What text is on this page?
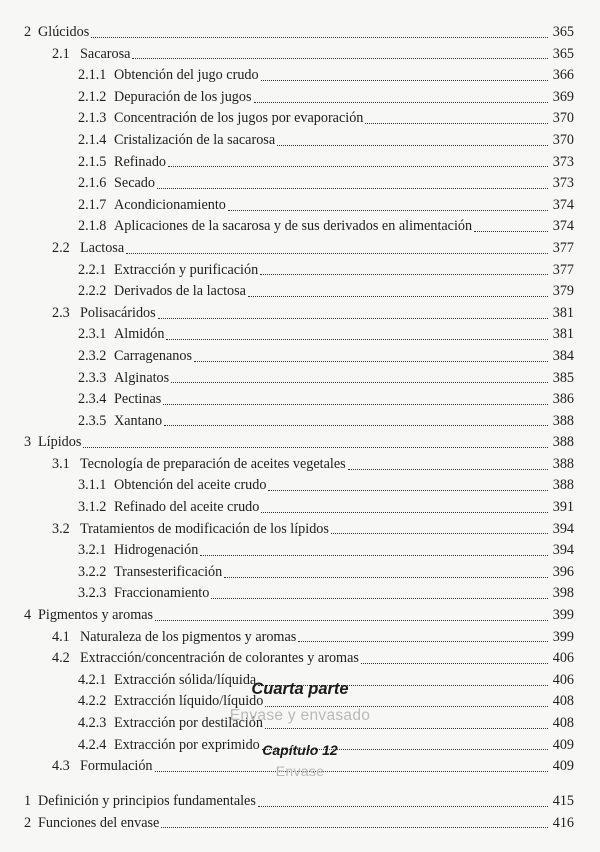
2 Glúcidos	365
2.1 Sacarosa	365
2.1.1 Obtención del jugo crudo	366
2.1.2 Depuración de los jugos	369
2.1.3 Concentración de los jugos por evaporación	370
2.1.4 Cristalización de la sacarosa	370
2.1.5 Refinado	373
2.1.6 Secado	373
2.1.7 Acondicionamiento	374
2.1.8 Aplicaciones de la sacarosa y de sus derivados en alimentación	374
2.2 Lactosa	377
2.2.1 Extracción y purificación	377
2.2.2 Derivados de la lactosa	379
2.3 Polisacáridos	381
2.3.1 Almidón	381
2.3.2 Carragenanos	384
2.3.3 Alginatos	385
2.3.4 Pectinas	386
2.3.5 Xantano	388
3 Lípidos	388
3.1 Tecnología de preparación de aceites vegetales	388
3.1.1 Obtención del aceite crudo	388
3.1.2 Refinado del aceite crudo	391
3.2 Tratamientos de modificación de los lípidos	394
3.2.1 Hidrogenación	394
3.2.2 Transesterificación	396
3.2.3 Fraccionamiento	398
4 Pigmentos y aromas	399
4.1 Naturaleza de los pigmentos y aromas	399
4.2 Extracción/concentración de colorantes y aromas	406
4.2.1 Extracción sólida/líquida	406
4.2.2 Extracción líquido/líquido	408
4.2.3 Extracción por destilación	408
4.2.4 Extracción por exprimido	409
4.3 Formulación	409
Cuarta parte
Envase y envasado
Capítulo 12
Envase
1 Definición y principios fundamentales	415
2 Funciones del envase	416
